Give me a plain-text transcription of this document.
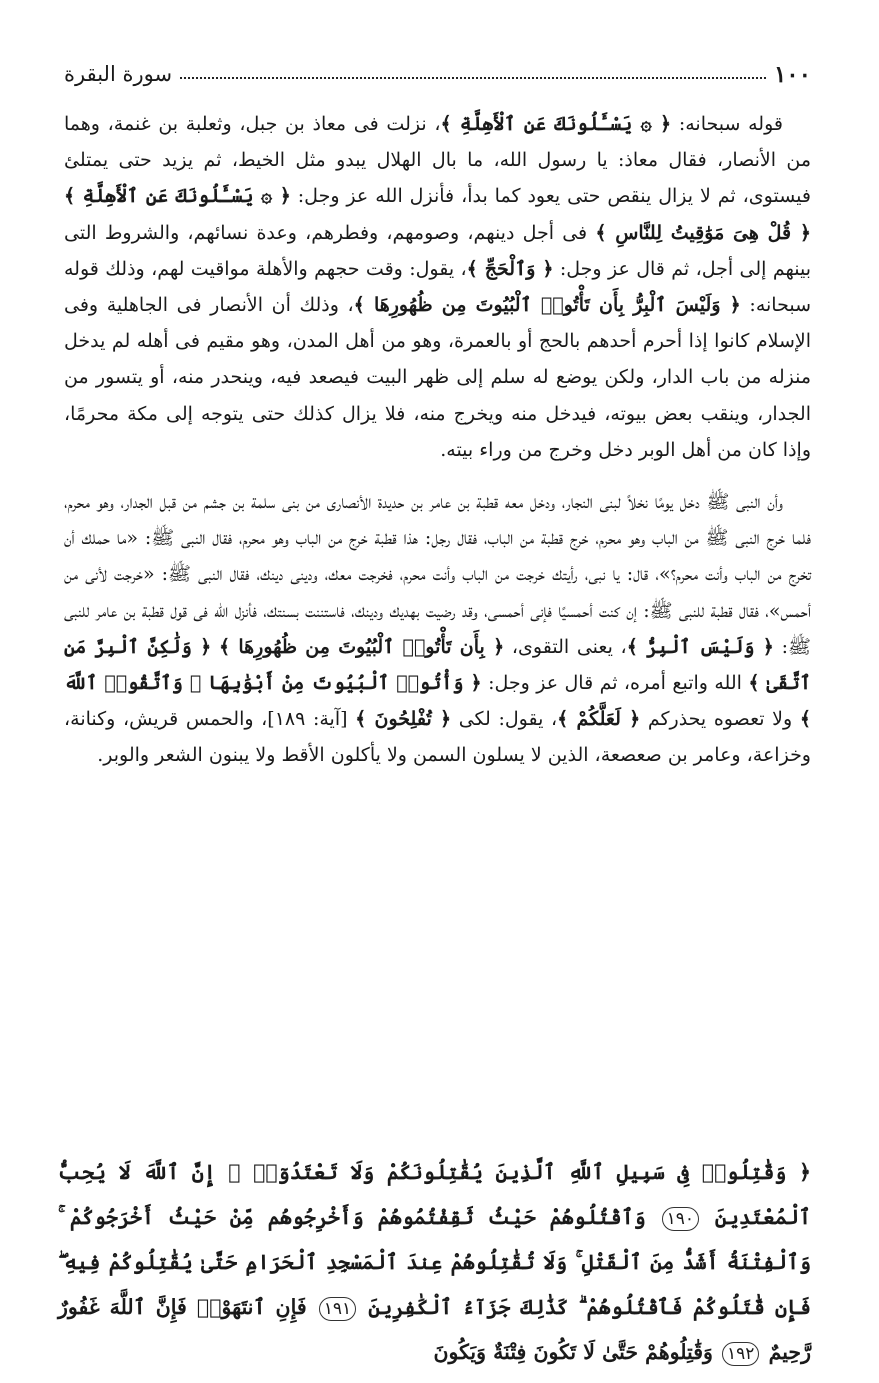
١٠٠
سورة البقرة

قوله سبحانه: ﴿ ۞ يَسْـَٔلُونَكَ عَنِ ٱلْأَهِلَّةِ ﴾، نزلت فى معاذ بن جبل، وثعلبة بن غنمة، وهما من الأنصار، فقال معاذ: يا رسول الله، ما بال الهلال يبدو مثل الخيط، ثم يزيد حتى يمتلئ فيستوى، ثم لا يزال ينقص حتى يعود كما بدأ، فأنزل الله عز وجل: ﴿ ۞ يَسْـَٔلُونَكَ عَنِ ٱلْأَهِلَّةِ ﴾ ﴿ قُلْ هِىَ مَوَٰقِيتُ لِلنَّاسِ ﴾ فى أجل دينهم، وصومهم، وفطرهم، وعدة نسائهم، والشروط التى بينهم إلى أجل، ثم قال عز وجل: ﴿ وَٱلْحَجِّ ﴾، يقول: وقت حجهم والأهلة مواقيت لهم، وذلك قوله سبحانه: ﴿ وَلَيْسَ ٱلْبِرُّ بِأَن تَأْتُوا۟ ٱلْبُيُوتَ مِن ظُهُورِهَا ﴾، وذلك أن الأنصار فى الجاهلية وفى الإسلام كانوا إذا أحرم أحدهم بالحج أو بالعمرة، وهو من أهل المدن، وهو مقيم فى أهله لم يدخل منزله من باب الدار، ولكن يوضع له سلم إلى ظهر البيت فيصعد فيه، وينحدر منه، أو يتسور من الجدار، وينقب بعض بيوته، فيدخل منه ويخرج منه، فلا يزال كذلك حتى يتوجه إلى مكة محرمًا، وإذا كان من أهل الوبر دخل وخرج من وراء بيته.

وأن النبى ﷺ دخل يومًا نخلاً لبنى النجار، ودخل معه قطبة بن عامر بن حديدة الأنصارى من بنى سلمة بن جشم من قبل الجدار، وهو محرم، فلما خرج النبى ﷺ من الباب وهو محرم، خرج قطبة من الباب، فقال رجل: هذا قطبة خرج من الباب وهو محرم، فقال النبى ﷺ: «ما حملك أن تخرج من الباب وأنت محرم؟»، قال: يا نبى، رأيتك خرجت من الباب وأنت محرم، فخرجت معك، ودينى دينك، فقال النبى ﷺ: «خرجت لأنى من أحمس»، فقال قطبة للنبى ﷺ: إن كنت أحمسيًا فإنى أحمسى، وقد رضيت بهديك ودينك، فاستننت بسنتك، فأنزل الله فى قول قطبة بن عامر للنبى ﷺ: ﴿ وَلَيْسَ ٱلْبِرُّ ﴾، يعنى التقوى، ﴿ بِأَن تَأْتُوا۟ ٱلْبُيُوتَ مِن ظُهُورِهَا ﴾ ﴿ وَلَٰكِنَّ ٱلْبِرَّ مَنِ ٱتَّقَىٰ ﴾ الله واتبع أمره، ثم قال عز وجل: ﴿ وَأْتُوا۟ ٱلْبُيُوتَ مِنْ أَبْوَٰبِهَا ۚ وَٱتَّقُوا۟ ٱللَّهَ ﴾ ولا تعصوه يحذركم ﴿ لَعَلَّكُمْ ﴾، يقول: لكى ﴿ تُفْلِحُونَ ﴾ [آية: ١٨٩]، والحمس قريش، وكنانة، وخزاعة، وعامر بن صعصعة، الذين لا يسلون السمن ولا يأكلون الأقط ولا يبنون الشعر والوبر.

﴿ وَقَٰتِلُوا۟ فِى سَبِيلِ ٱللَّهِ ٱلَّذِينَ يُقَٰتِلُونَكُمْ وَلَا تَعْتَدُوٓا۟ ۚ إِنَّ ٱللَّهَ لَا يُحِبُّ ٱلْمُعْتَدِينَ ١٩٠ وَٱقْتُلُوهُمْ حَيْثُ ثَقِفْتُمُوهُمْ وَأَخْرِجُوهُم مِّنْ حَيْثُ أَخْرَجُوكُمْ ۚ وَٱلْفِتْنَةُ أَشَدُّ مِنَ ٱلْقَتْلِ ۚ وَلَا تُقَٰتِلُوهُمْ عِندَ ٱلْمَسْجِدِ ٱلْحَرَامِ حَتَّىٰ يُقَٰتِلُوكُمْ فِيهِ ۖ فَإِن قَٰتَلُوكُمْ فَٱقْتُلُوهُمْ ۗ كَذَٰلِكَ جَزَآءُ ٱلْكَٰفِرِينَ ١٩١ فَإِنِ ٱنتَهَوْا۟ فَإِنَّ ٱللَّهَ غَفُورٌ رَّحِيمٌ ١٩٢ وَقَٰتِلُوهُمْ حَتَّىٰ لَا تَكُونَ فِتْنَةٌ وَيَكُونَ
